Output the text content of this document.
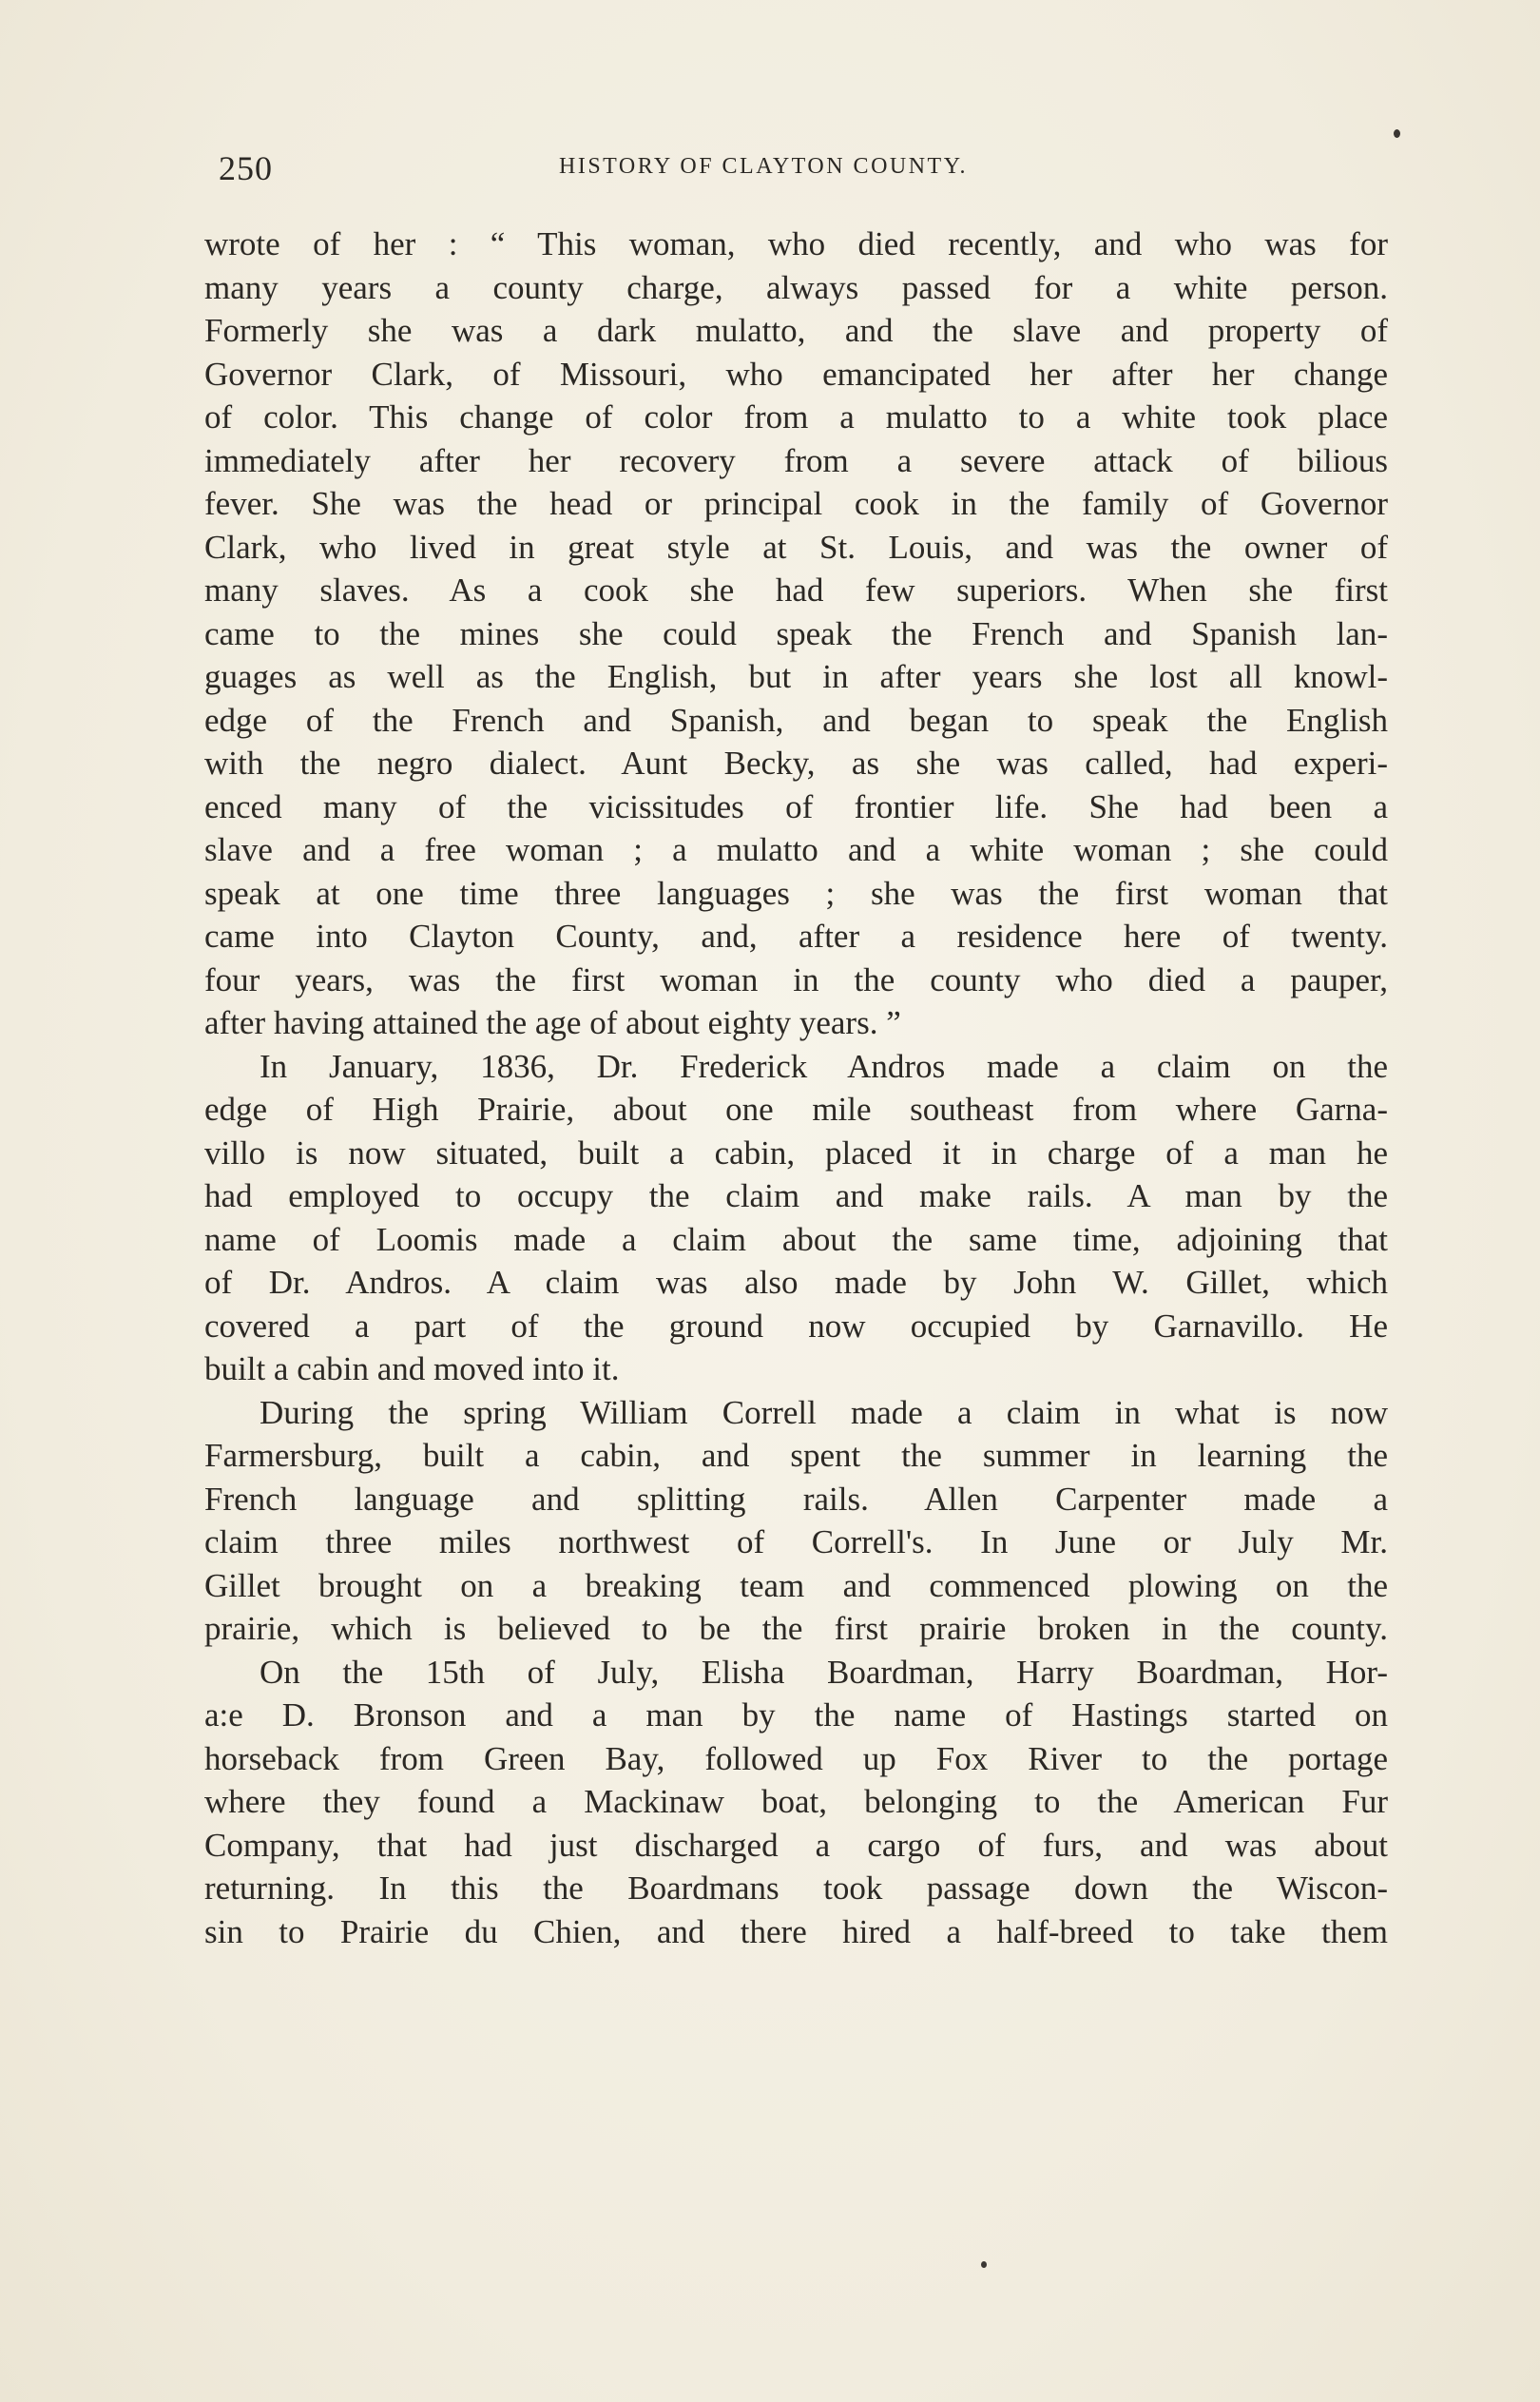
250	HISTORY OF CLAYTON COUNTY.
wrote of her : “ This woman, who died recently, and who was for
many years a county charge, always passed for a white person.
Formerly she was a dark mulatto, and the slave and property of
Governor Clark, of Missouri, who emancipated her after her change
of color. This change of color from a mulatto to a white took place
immediately after her recovery from a severe attack of bilious
fever. She was the head or principal cook in the family of Governor
Clark, who lived in great style at St. Louis, and was the owner of
many slaves. As a cook she had few superiors. When she first
came to the mines she could speak the French and Spanish lan-
guages as well as the English, but in after years she lost all knowl-
edge of the French and Spanish, and began to speak the English
with the negro dialect. Aunt Becky, as she was called, had experi-
enced many of the vicissitudes of frontier life. She had been a
slave and a free woman ; a mulatto and a white woman ; she could
speak at one time three languages ; she was the first woman that
came into Clayton County, and, after a residence here of twenty.
four years, was the first woman in the county who died a pauper,
after having attained the age of about eighty years. ”
In January, 1836, Dr. Frederick Andros made a claim on the
edge of High Prairie, about one mile southeast from where Garna-
villo is now situated, built a cabin, placed it in charge of a man he
had employed to occupy the claim and make rails. A man by the
name of Loomis made a claim about the same time, adjoining that
of Dr. Andros. A claim was also made by John W. Gillet, which
covered a part of the ground now occupied by Garnavillo. He
built a cabin and moved into it.
During the spring William Correll made a claim in what is now
Farmersburg, built a cabin, and spent the summer in learning the
French language and splitting rails. Allen Carpenter made a
claim three miles northwest of Correll's. In June or July Mr.
Gillet brought on a breaking team and commenced plowing on the
prairie, which is believed to be the first prairie broken in the county.
On the 15th of July, Elisha Boardman, Harry Boardman, Hor-
a:e D. Bronson and a man by the name of Hastings started on
horseback from Green Bay, followed up Fox River to the portage
where they found a Mackinaw boat, belonging to the American Fur
Company, that had just discharged a cargo of furs, and was about
returning. In this the Boardmans took passage down the Wiscon-
sin to Prairie du Chien, and there hired a half-breed to take them
